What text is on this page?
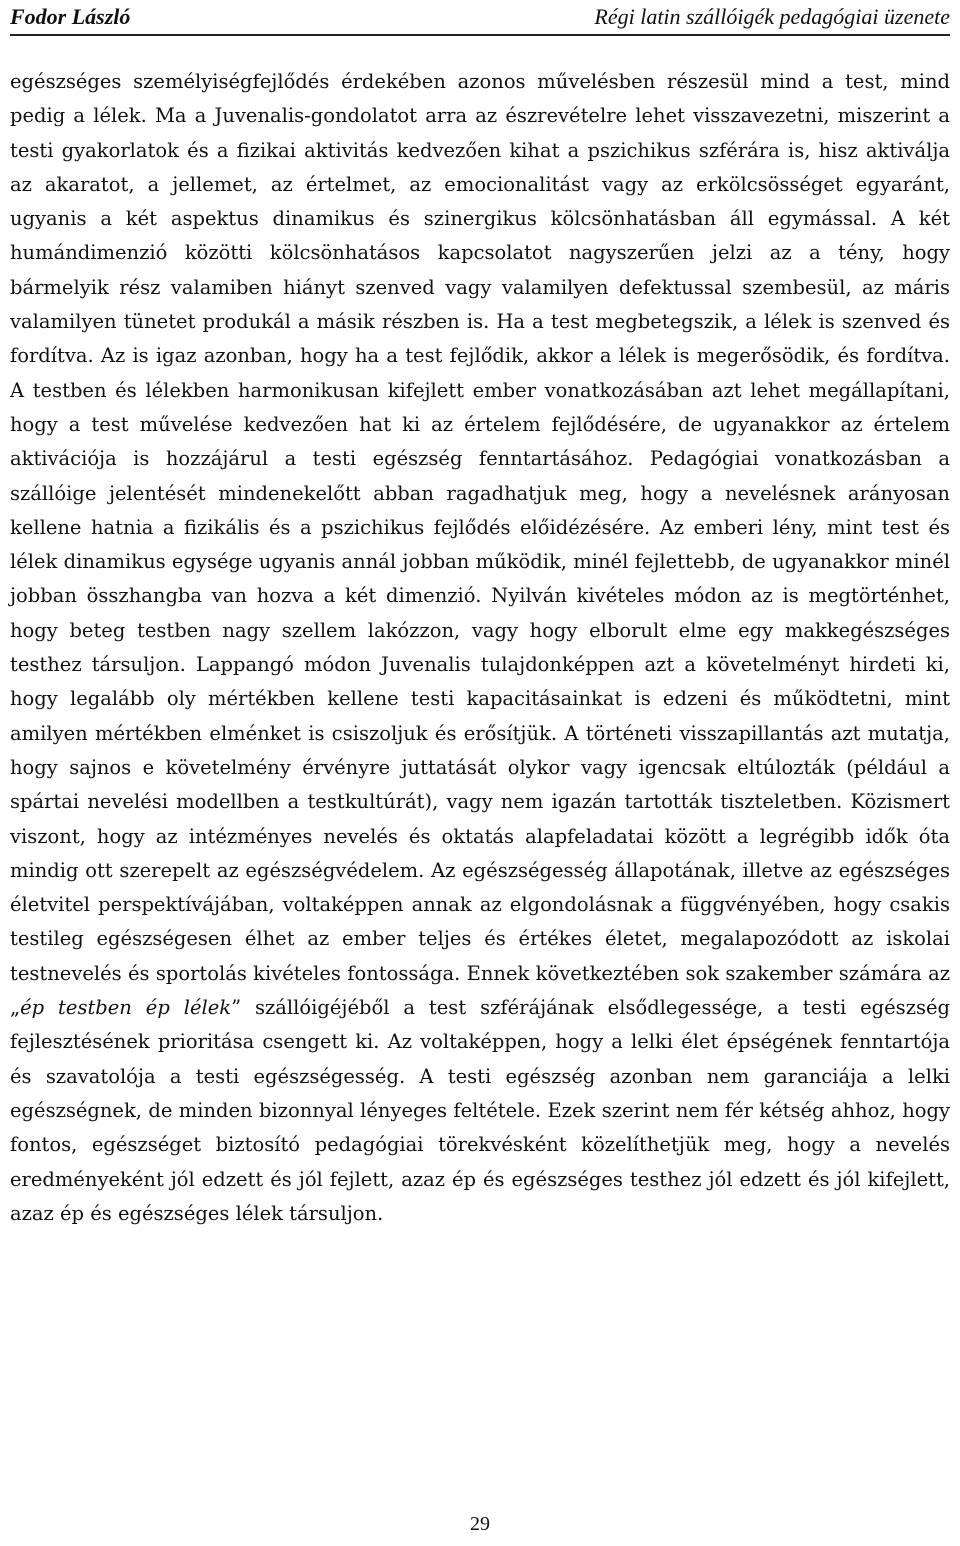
Fodor László	Régi latin szállóigék pedagógiai üzenete

egészséges személyiségfejlődés érdekében azonos művelésben részesül mind a test, mind pedig a lélek. Ma a Juvenalis-gondolatot arra az észrevételre lehet visszavezetni, miszerint a testi gyakorlatok és a fizikai aktivitás kedvezően kihat a pszichikus szférára is, hisz aktiválja az akaratot, a jellemet, az értelmet, az emocionalitást vagy az erkölcsösséget egyaránt, ugyanis a két aspektus dinamikus és szinergikus kölcsönhatásban áll egymással. A két humándimenzió közötti kölcsönhatásos kapcsolatot nagyszerűen jelzi az a tény, hogy bármelyik rész valamiben hiányt szenved vagy valamilyen defektussal szembesül, az máris valamilyen tünetet produkál a másik részben is. Ha a test megbetegszik, a lélek is szenved és fordítva. Az is igaz azonban, hogy ha a test fejlődik, akkor a lélek is megerősödik, és fordítva. A testben és lélekben harmonikusan kifejlett ember vonatkozásában azt lehet megállapítani, hogy a test művelése kedvezően hat ki az értelem fejlődésére, de ugyanakkor az értelem aktivációja is hozzájárul a testi egészség fenntartásához. Pedagógiai vonatkozásban a szállóige jelentését mindenekelőtt abban ragadhatjuk meg, hogy a nevelésnek arányosan kellene hatnia a fizikális és a pszichikus fejlődés előidézésére. Az emberi lény, mint test és lélek dinamikus egysége ugyanis annál jobban működik, minél fejlettebb, de ugyanakkor minél jobban összhangba van hozva a két dimenzió. Nyilván kivételes módon az is megtörténhet, hogy beteg testben nagy szellem lakózzon, vagy hogy elborult elme egy makkegészséges testhez társuljon. Lappangó módon Juvenalis tulajdonképpen azt a követelményt hirdeti ki, hogy legalább oly mértékben kellene testi kapacitásainkat is edzeni és működtetni, mint amilyen mértékben elménket is csiszoljuk és erősítjük. A történeti visszapillantás azt mutatja, hogy sajnos e követelmény érvényre juttatását olykor vagy igencsak eltúlozták (például a spártai nevelési modellben a testkultúrát), vagy nem igazán tartották tiszteletben. Közismert viszont, hogy az intézményes nevelés és oktatás alapfeladatai között a legrégibb idők óta mindig ott szerepelt az egészségvédelem. Az egészségesség állapotának, illetve az egészséges életvitel perspektívájában, voltaképpen annak az elgondolásnak a függvényében, hogy csakis testileg egészségesen élhet az ember teljes és értékes életet, megalapozódott az iskolai testnevelés és sportolás kivételes fontossága. Ennek következtében sok szakember számára az „ép testben ép lélek” szállóigéjéből a test szférájának elsődlegessége, a testi egészség fejlesztésének prioritása csengett ki. Az voltaképpen, hogy a lelki élet épségének fenntartója és szavatolója a testi egészségesség. A testi egészség azonban nem garanciája a lelki egészségnek, de minden bizonnyal lényeges feltétele. Ezek szerint nem fér kétség ahhoz, hogy fontos, egészséget biztosító pedagógiai törekvésként közelíthetjük meg, hogy a nevelés eredményeként jól edzett és jól fejlett, azaz ép és egészséges testhez jól edzett és jól kifejlett, azaz ép és egészséges lélek társuljon.

29
